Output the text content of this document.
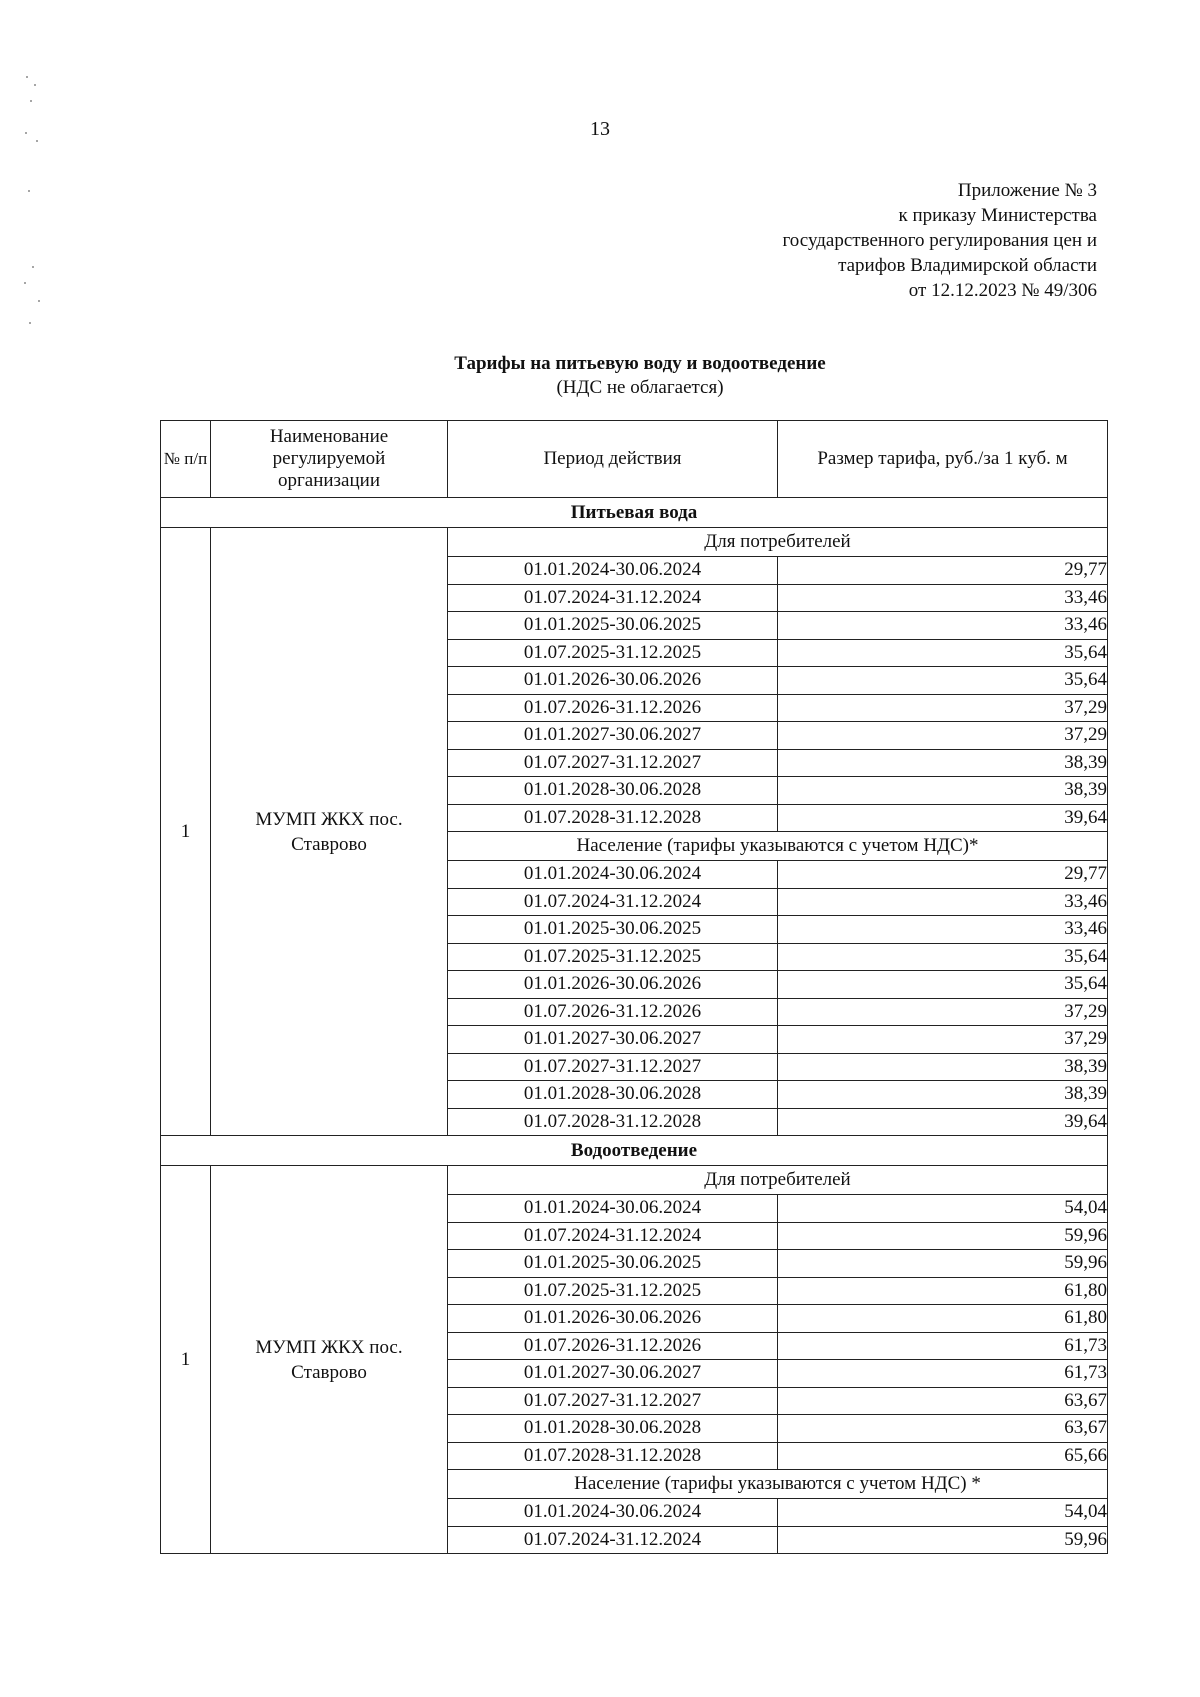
13
Приложение № 3
к приказу Министерства
государственного регулирования цен и
тарифов Владимирской области
от 12.12.2023 № 49/306
Тарифы на питьевую воду и водоотведение
(НДС не облагается)
№ п/п	Наименование
регулируемой
организации	Период действия	Размер тарифа, руб./за 1 куб. м
Питьевая вода			
1	МУМП ЖКХ пос.
Ставрово	Для потребителей	
		01.01.2024-30.06.2024	29,77
		01.07.2024-31.12.2024	33,46
		01.01.2025-30.06.2025	33,46
		01.07.2025-31.12.2025	35,64
		01.01.2026-30.06.2026	35,64
		01.07.2026-31.12.2026	37,29
		01.01.2027-30.06.2027	37,29
		01.07.2027-31.12.2027	38,39
		01.01.2028-30.06.2028	38,39
		01.07.2028-31.12.2028	39,64
		Население (тарифы указываются с учетом НДС)*	
		01.01.2024-30.06.2024	29,77
		01.07.2024-31.12.2024	33,46
		01.01.2025-30.06.2025	33,46
		01.07.2025-31.12.2025	35,64
		01.01.2026-30.06.2026	35,64
		01.07.2026-31.12.2026	37,29
		01.01.2027-30.06.2027	37,29
		01.07.2027-31.12.2027	38,39
		01.01.2028-30.06.2028	38,39
		01.07.2028-31.12.2028	39,64
Водоотведение			
1	МУМП ЖКХ пос.
Ставрово	Для потребителей	
		01.01.2024-30.06.2024	54,04
		01.07.2024-31.12.2024	59,96
		01.01.2025-30.06.2025	59,96
		01.07.2025-31.12.2025	61,80
		01.01.2026-30.06.2026	61,80
		01.07.2026-31.12.2026	61,73
		01.01.2027-30.06.2027	61,73
		01.07.2027-31.12.2027	63,67
		01.01.2028-30.06.2028	63,67
		01.07.2028-31.12.2028	65,66
		Население (тарифы указываются с учетом НДС) *	
		01.01.2024-30.06.2024	54,04
		01.07.2024-31.12.2024	59,96
